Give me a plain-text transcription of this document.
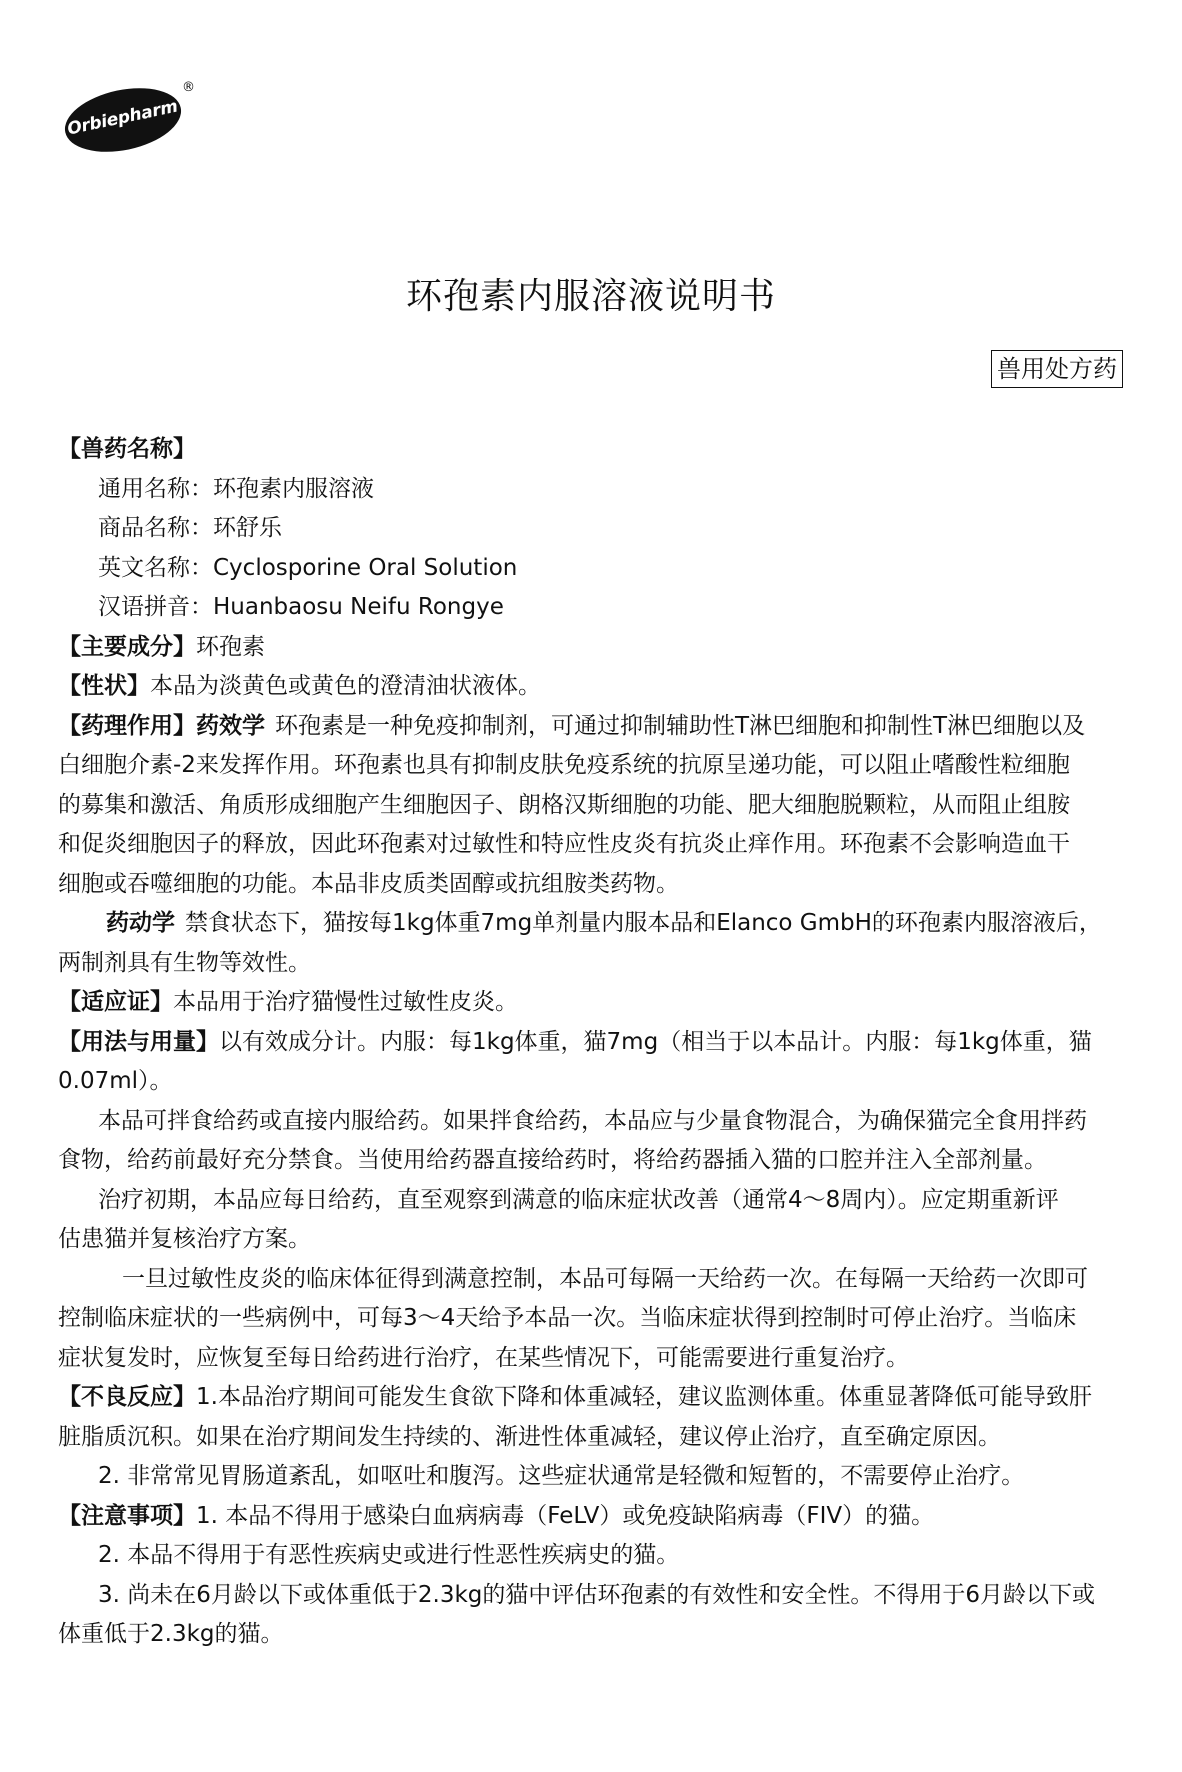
Orbiepharm
®
环孢素内服溶液说明书
兽用处方药

【兽药名称】

通用名称：环孢素内服溶液

商品名称：环舒乐

英文名称：Cyclosporine Oral Solution

汉语拼音：Huanbaosu Neifu Rongye

【主要成分】环孢素

【性状】本品为淡黄色或黄色的澄清油状液体。

【药理作用】药效学 环孢素是一种免疫抑制剂，可通过抑制辅助性T淋巴细胞和抑制性T淋巴细胞以及

白细胞介素-2来发挥作用。环孢素也具有抑制皮肤免疫系统的抗原呈递功能，可以阻止嗜酸性粒细胞

的募集和激活、角质形成细胞产生细胞因子、朗格汉斯细胞的功能、肥大细胞脱颗粒，从而阻止组胺

和促炎细胞因子的释放，因此环孢素对过敏性和特应性皮炎有抗炎止痒作用。环孢素不会影响造血干

细胞或吞噬细胞的功能。本品非皮质类固醇或抗组胺类药物。

药动学 禁食状态下，猫按每1kg体重7mg单剂量内服本品和Elanco GmbH的环孢素内服溶液后，

两制剂具有生物等效性。

【适应证】本品用于治疗猫慢性过敏性皮炎。

【用法与用量】以有效成分计。内服：每1kg体重，猫7mg（相当于以本品计。内服：每1kg体重，猫

0.07ml）。

本品可拌食给药或直接内服给药。如果拌食给药，本品应与少量食物混合，为确保猫完全食用拌药

食物，给药前最好充分禁食。当使用给药器直接给药时，将给药器插入猫的口腔并注入全部剂量。

治疗初期，本品应每日给药，直至观察到满意的临床症状改善（通常4～8周内）。应定期重新评

估患猫并复核治疗方案。

一旦过敏性皮炎的临床体征得到满意控制，本品可每隔一天给药一次。在每隔一天给药一次即可

控制临床症状的一些病例中，可每3～4天给予本品一次。当临床症状得到控制时可停止治疗。当临床

症状复发时，应恢复至每日给药进行治疗，在某些情况下，可能需要进行重复治疗。

【不良反应】1.本品治疗期间可能发生食欲下降和体重减轻，建议监测体重。体重显著降低可能导致肝

脏脂质沉积。如果在治疗期间发生持续的、渐进性体重减轻，建议停止治疗，直至确定原因。

2. 非常常见胃肠道紊乱，如呕吐和腹泻。这些症状通常是轻微和短暂的，不需要停止治疗。

【注意事项】1. 本品不得用于感染白血病病毒（FeLV）或免疫缺陷病毒（FIV）的猫。

2. 本品不得用于有恶性疾病史或进行性恶性疾病史的猫。

3. 尚未在6月龄以下或体重低于2.3kg的猫中评估环孢素的有效性和安全性。不得用于6月龄以下或

体重低于2.3kg的猫。
